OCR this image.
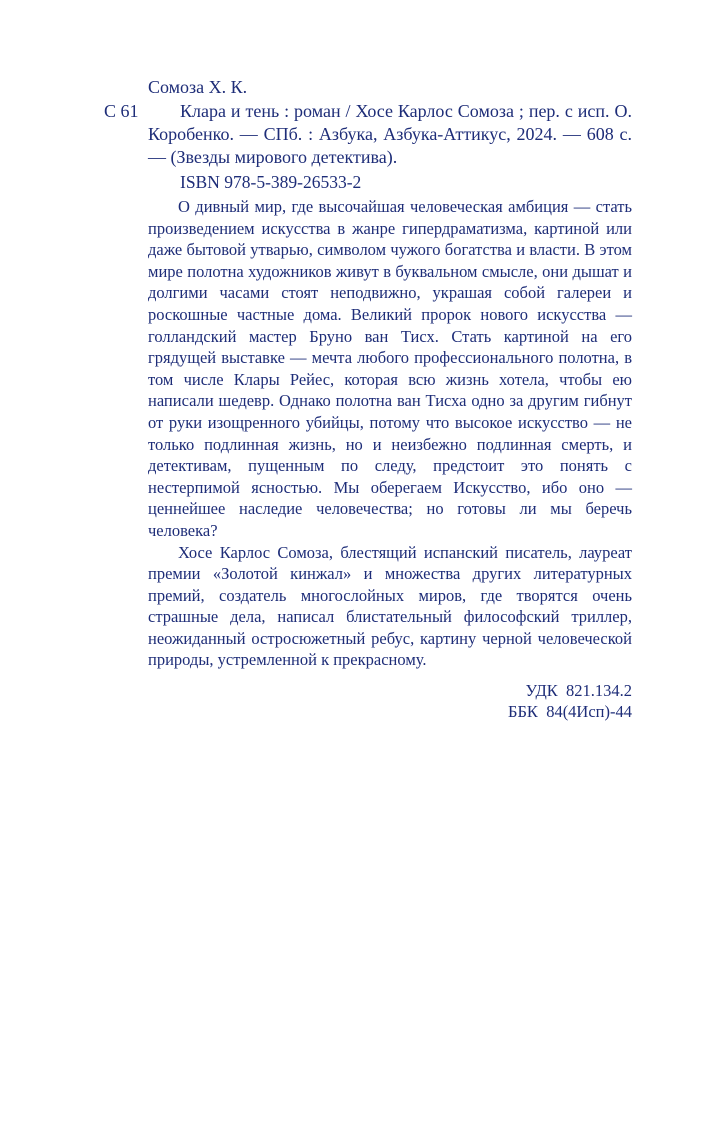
Сомоза Х. К.

С 61	Клара и тень : роман / Хосе Карлос Сомоза ; пер. с исп. О. Коробенко. — СПб. : Азбука, Азбука-Аттикус, 2024. — 608 с. — (Звезды мирового детектива).

ISBN 978-5-389-26533-2

О дивный мир, где высочайшая человеческая амбиция — стать произведением искусства в жанре гипердраматизма, картиной или даже бытовой утварью, символом чужого богатства и власти. В этом мире полотна художников живут в буквальном смысле, они дышат и долгими часами стоят неподвижно, украшая собой галереи и роскошные частные дома. Великий пророк нового искусства — голландский мастер Бруно ван Тисх. Стать картиной на его грядущей выставке — мечта любого профессионального полотна, в том числе Клары Рейес, которая всю жизнь хотела, чтобы ею написали шедевр. Однако полотна ван Тисха одно за другим гибнут от руки изощренного убийцы, потому что высокое искусство — не только подлинная жизнь, но и неизбежно подлинная смерть, и детективам, пущенным по следу, предстоит это понять с нестерпимой ясностью. Мы оберегаем Искусство, ибо оно — ценнейшее наследие человечества; но готовы ли мы беречь человека?

Хосе Карлос Сомоза, блестящий испанский писатель, лауреат премии «Золотой кинжал» и множества других литературных премий, создатель многослойных миров, где творятся очень страшные дела, написал блистательный философский триллер, неожиданный остросюжетный ребус, картину черной человеческой природы, устремленной к прекрасному.

УДК  821.134.2
ББК  84(4Исп)-44
